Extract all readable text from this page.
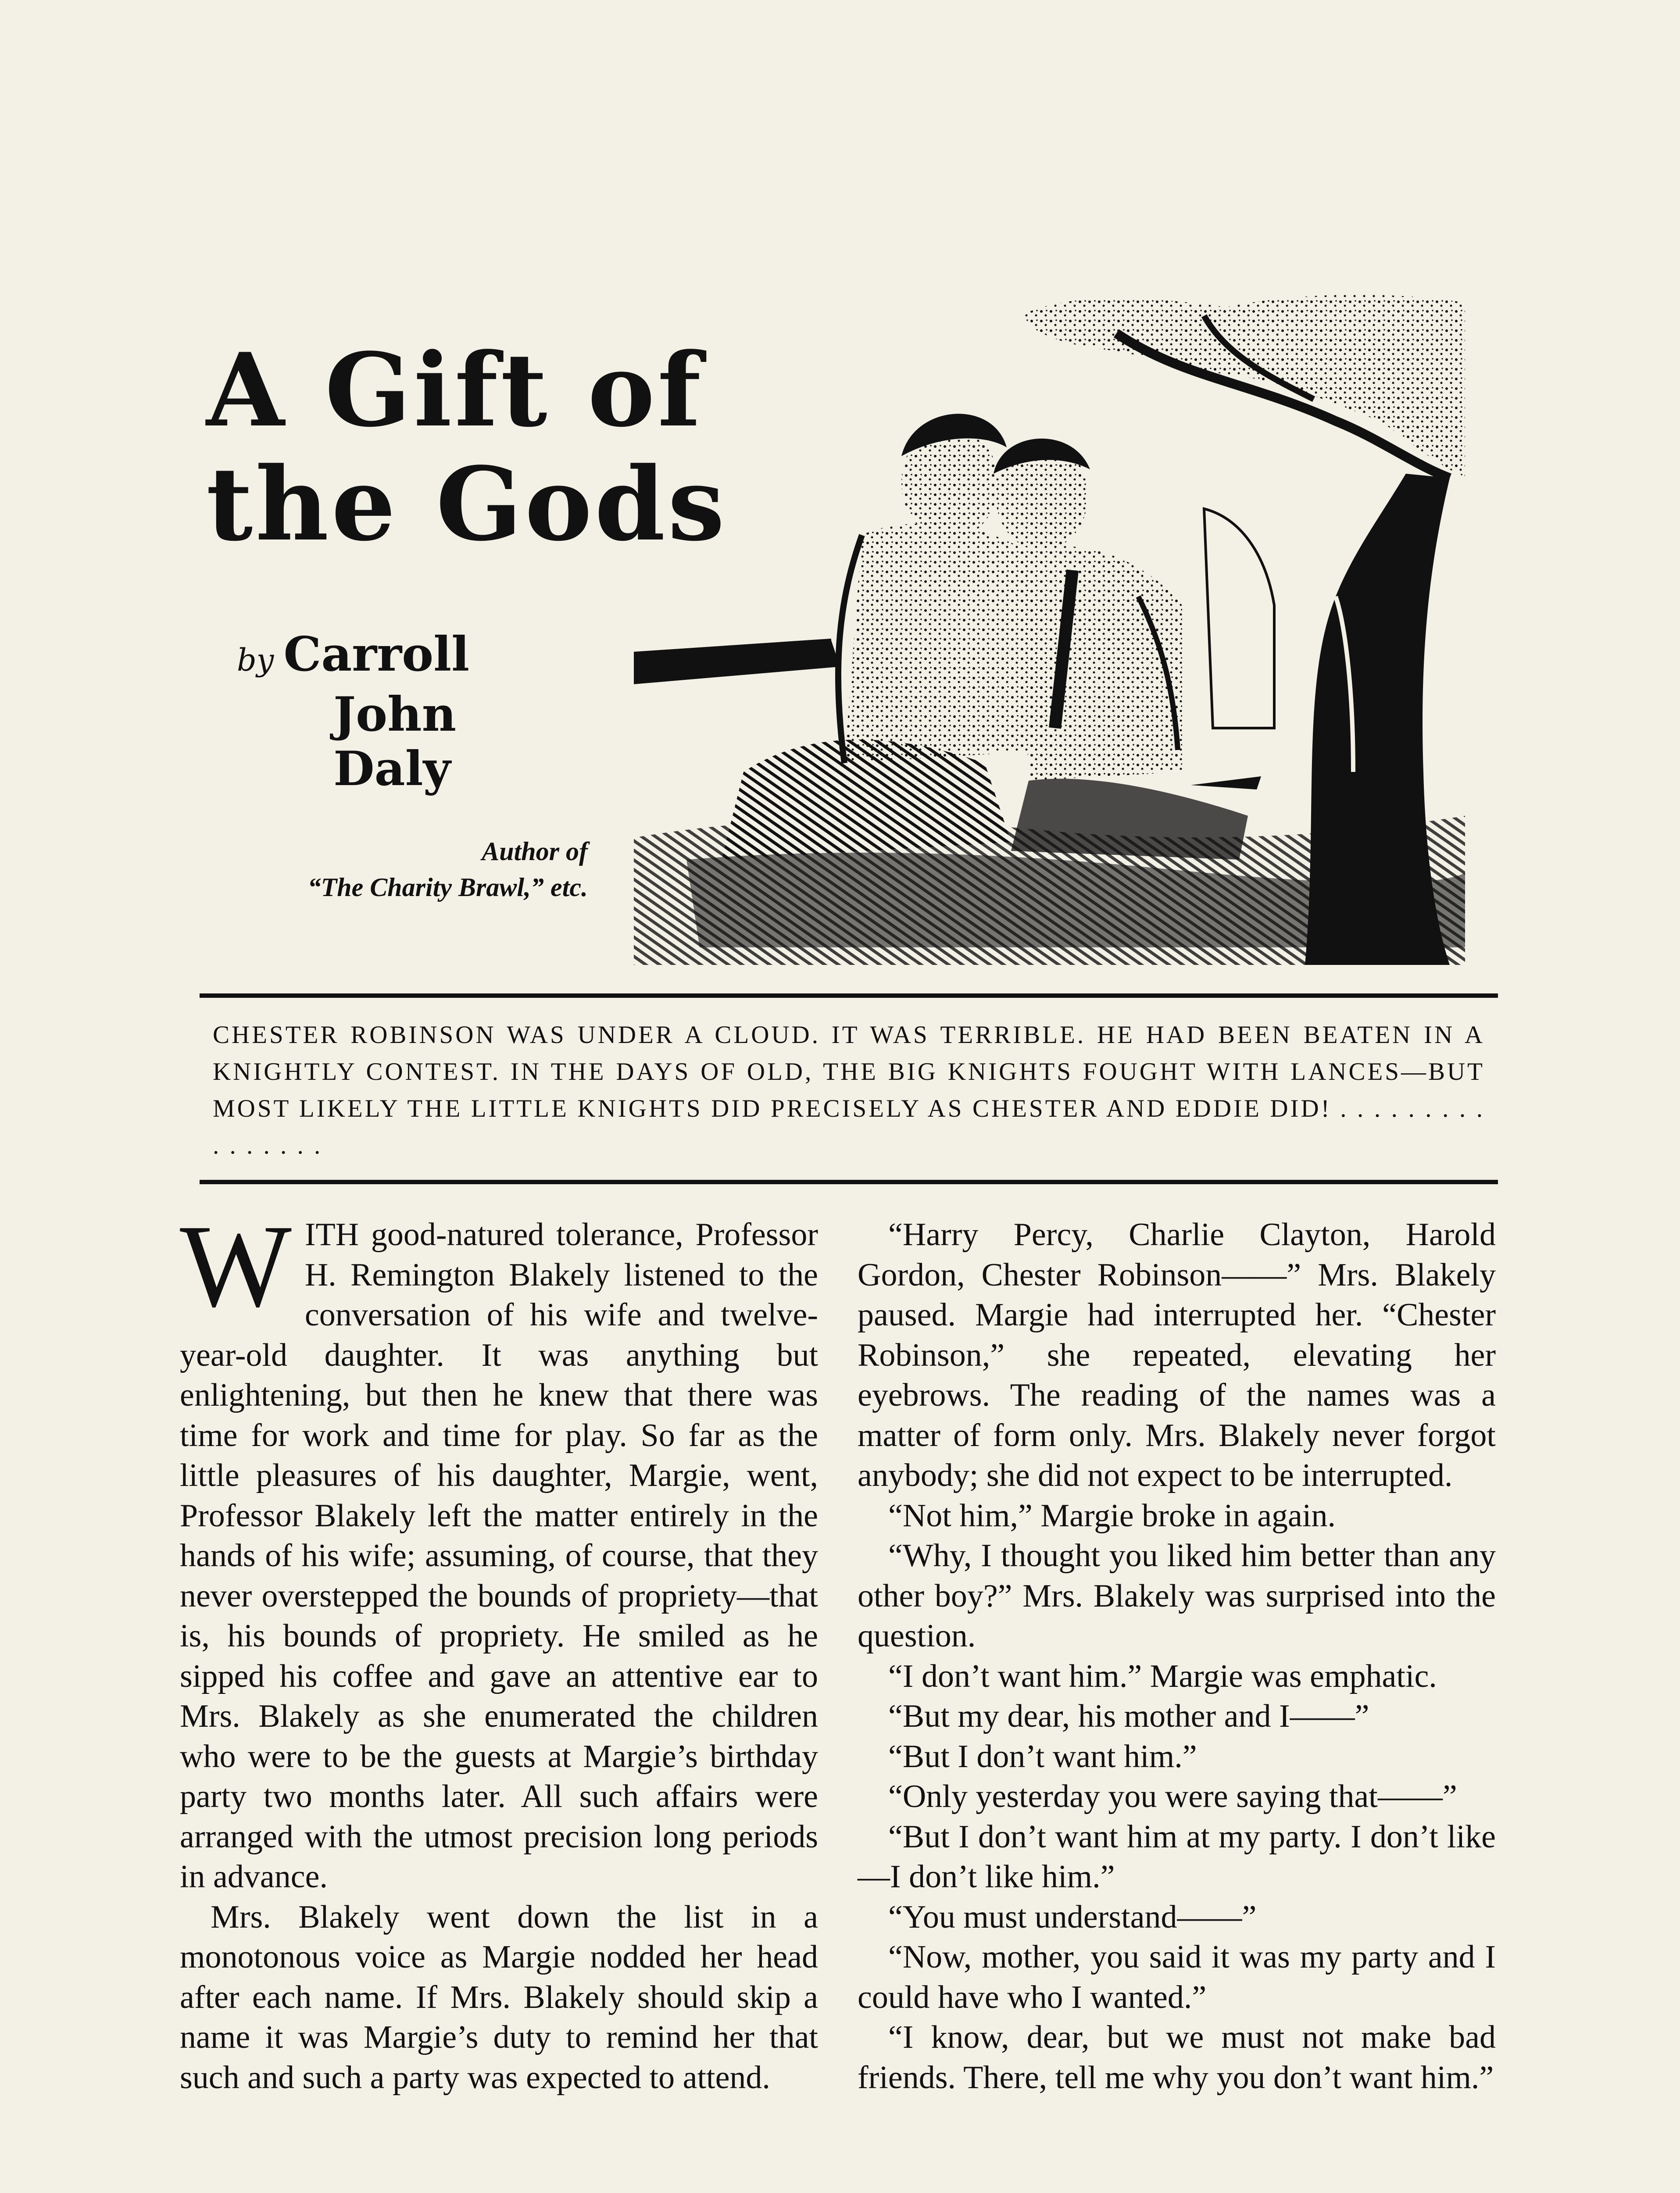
A Gift of
the Gods
by Carroll
John
Daly
Author of
“The Charity Brawl,” etc.
CHESTER ROBINSON WAS UNDER A CLOUD. IT WAS TERRIBLE. HE HAD BEEN BEATEN IN A KNIGHTLY CONTEST. IN THE DAYS OF OLD, THE BIG KNIGHTS FOUGHT WITH LANCES—BUT MOST LIKELY THE LITTLE KNIGHTS DID PRECISELY AS CHESTER AND EDDIE DID! . . . . . . . . . . . . . . . .

WITH good-natured tolerance, Professor H. Remington Blakely listened to the conversation of his wife and twelve-year-old daughter. It was anything but enlightening, but then he knew that there was time for work and time for play. So far as the little pleasures of his daughter, Margie, went, Professor Blakely left the matter entirely in the hands of his wife; assuming, of course, that they never overstepped the bounds of propriety—that is, his bounds of propriety. He smiled as he sipped his coffee and gave an attentive ear to Mrs. Blakely as she enumerated the children who were to be the guests at Margie’s birthday party two months later. All such affairs were arranged with the utmost precision long periods in advance.

Mrs. Blakely went down the list in a monotonous voice as Margie nodded her head after each name. If Mrs. Blakely should skip a name it was Margie’s duty to remind her that such and such a party was expected to attend.

“Harry Percy, Charlie Clayton, Harold Gordon, Chester Robinson——” Mrs. Blakely paused. Margie had interrupted her. “Chester Robinson,” she repeated, elevating her eyebrows. The reading of the names was a matter of form only. Mrs. Blakely never forgot anybody; she did not expect to be interrupted.

“Not him,” Margie broke in again.

“Why, I thought you liked him better than any other boy?” Mrs. Blakely was surprised into the question.

“I don’t want him.” Margie was emphatic.

“But my dear, his mother and I——”

“But I don’t want him.”

“Only yesterday you were saying that——”

“But I don’t want him at my party. I don’t like—I don’t like him.”

“You must understand——”

“Now, mother, you said it was my party and I could have who I wanted.”

“I know, dear, but we must not make bad friends. There, tell me why you don’t want him.”
